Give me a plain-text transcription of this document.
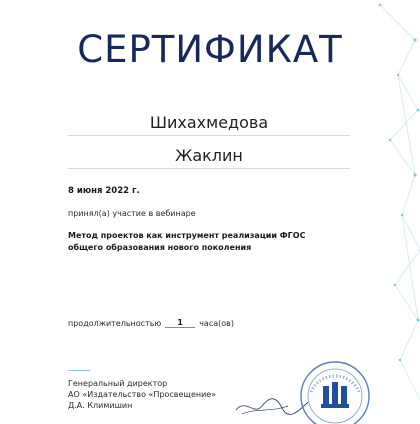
СЕРТИФИКАТ
Шихахмедова
Жаклин
8 июня 2022 г.
принял(а) участие в вебинаре
Метод проектов как инструмент реализации ФГОС
общего образования нового поколения
продолжительностью	1	часа(ов)
Генеральный директор
АО «Издательство «Просвещение»
Д.А. Климишин
